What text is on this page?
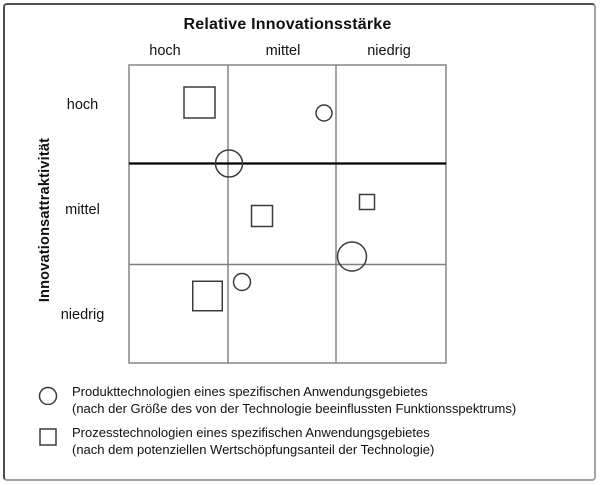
Relative Innovationsstärke
hoch	mittel	niedrig
Innovationsattraktivität
hoch
mittel
niedrig
Produkttechnologien eines spezifischen Anwendungsgebietes
(nach der Größe des von der Technologie beeinflussten Funktionsspektrums)
Prozesstechnologien eines spezifischen Anwendungsgebietes
(nach dem potenziellen Wertschöpfungsanteil der Technologie)
